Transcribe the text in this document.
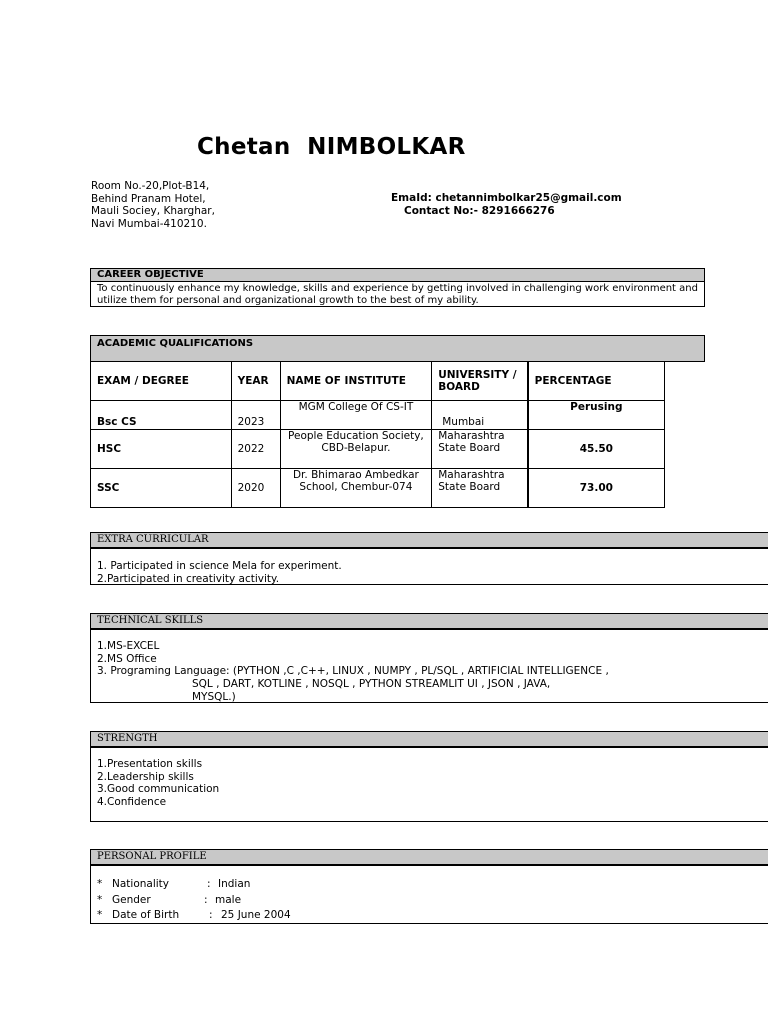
Chetan  NIMBOLKAR
Room No.-20,Plot-B14,
Behind Pranam Hotel,
Mauli Sociey, Kharghar,
Navi Mumbai-410210.
EmaId: chetannimbolkar25@gmail.com
Contact No:- 8291666276
CAREER OBJECTIVE
To continuously enhance my knowledge, skills and experience by getting involved in challenging work environment and utilize them for personal and organizational growth to the best of my ability.
ACADEMIC QUALIFICATIONS
EXAM / DEGREE	YEAR	NAME OF INSTITUTE	UNIVERSITY / BOARD	PERCENTAGE
Bsc CS	2023	MGM College Of CS-IT	Mumbai	Perusing
HSC	2022	People Education Society, CBD-Belapur.	Maharashtra State Board	45.50
SSC	2020	Dr. Bhimarao Ambedkar School, Chembur-074	Maharashtra State Board	73.00
EXTRA CURRICULAR
1. Participated in science Mela for experiment.
2.Participated in creativity activity.
TECHNICAL SKILLS
1.MS-EXCEL
2.MS Office
3. Programing Language: (PYTHON ,C ,C++, LINUX , NUMPY , PL/SQL , ARTIFICIAL INTELLIGENCE ,
SQL , DART, KOTLINE , NOSQL , PYTHON STREAMLIT UI , JSON , JAVA,
MYSQL.)
STRENGTH
1.Presentation skills
2.Leadership skills
3.Good communication
4.Confidence
PERSONAL PROFILE
* Nationality	: Indian
* Gender	: male
* Date of Birth	: 25 June 2004
